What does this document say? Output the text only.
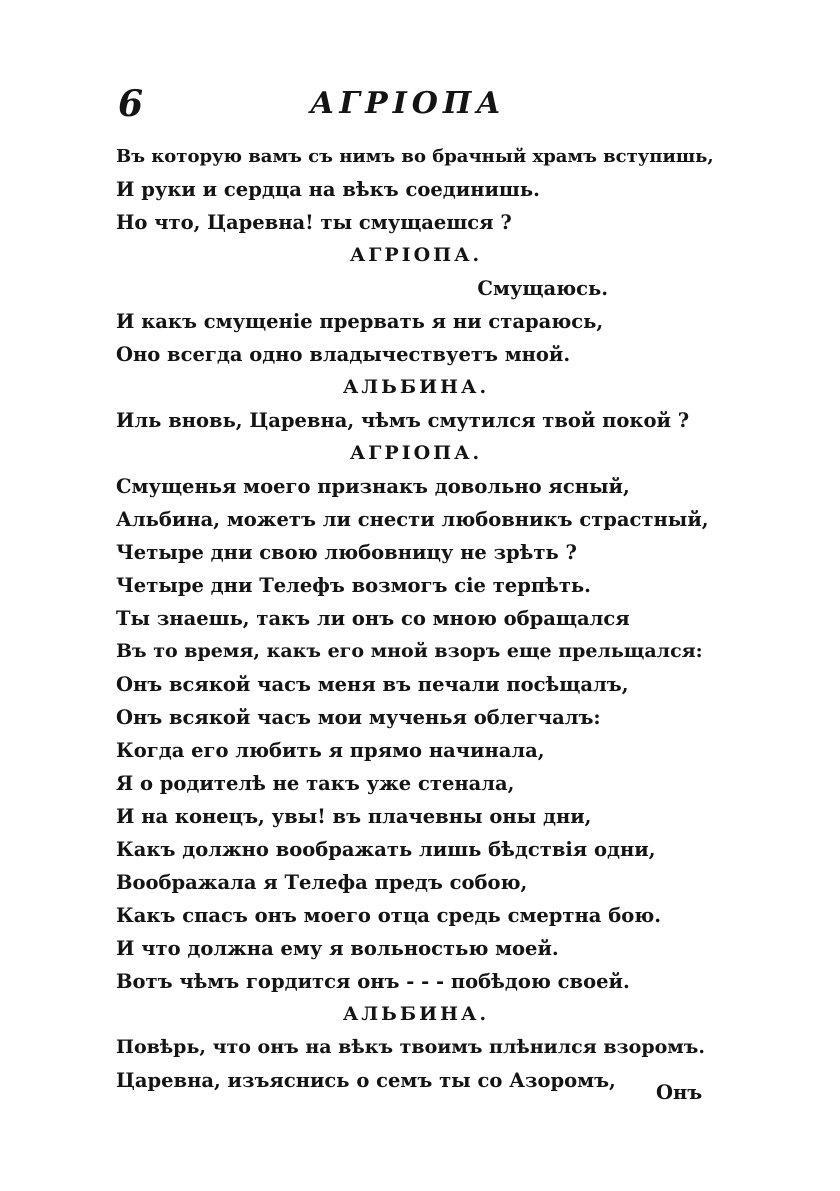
6	АГРІОПА
Въ которую вамъ съ нимъ во брачный храмъ вступишь,
И руки и сердца на вѣкъ соединишь.
Но что, Царевна! ты смущаешся ?
АГРІОПА.
Смущаюсь.
И какъ смущеніе прервать я ни стараюсь,
Оно всегда одно владычествуетъ мной.
АЛЬБИНА.
Иль вновь, Царевна, чѣмъ смутился твой покой ?
АГРІОПА.
Смущенья моего признакъ довольно ясный,
Альбина, можетъ ли снести любовникъ страстный,
Четыре дни свою любовницу не зрѣть ?
Четыре дни Телефъ возмогъ сіе терпѣть.
Ты знаешь, такъ ли онъ со мною обращался
Въ то время, какъ его мной взоръ еще прельщался:
Онъ всякой часъ меня въ печали посѣщалъ,
Онъ всякой часъ мои мученья облегчалъ:
Когда его любить я прямо начинала,
Я о родителѣ не такъ уже стенала,
И на конецъ, увы! въ плачевны оны дни,
Какъ должно воображать лишь бѣдствія одни,
Воображала я Телефа предъ собою,
Какъ спасъ онъ моего отца средь смертна бою.
И что должна ему я вольностью моей.
Вотъ чѣмъ гордится онъ - - - побѣдою своей.
АЛЬБИНА.
Повѣрь, что онъ на вѣкъ твоимъ плѣнился взоромъ.
Царевна, изъяснись о семъ ты со Азоромъ,
Онъ
